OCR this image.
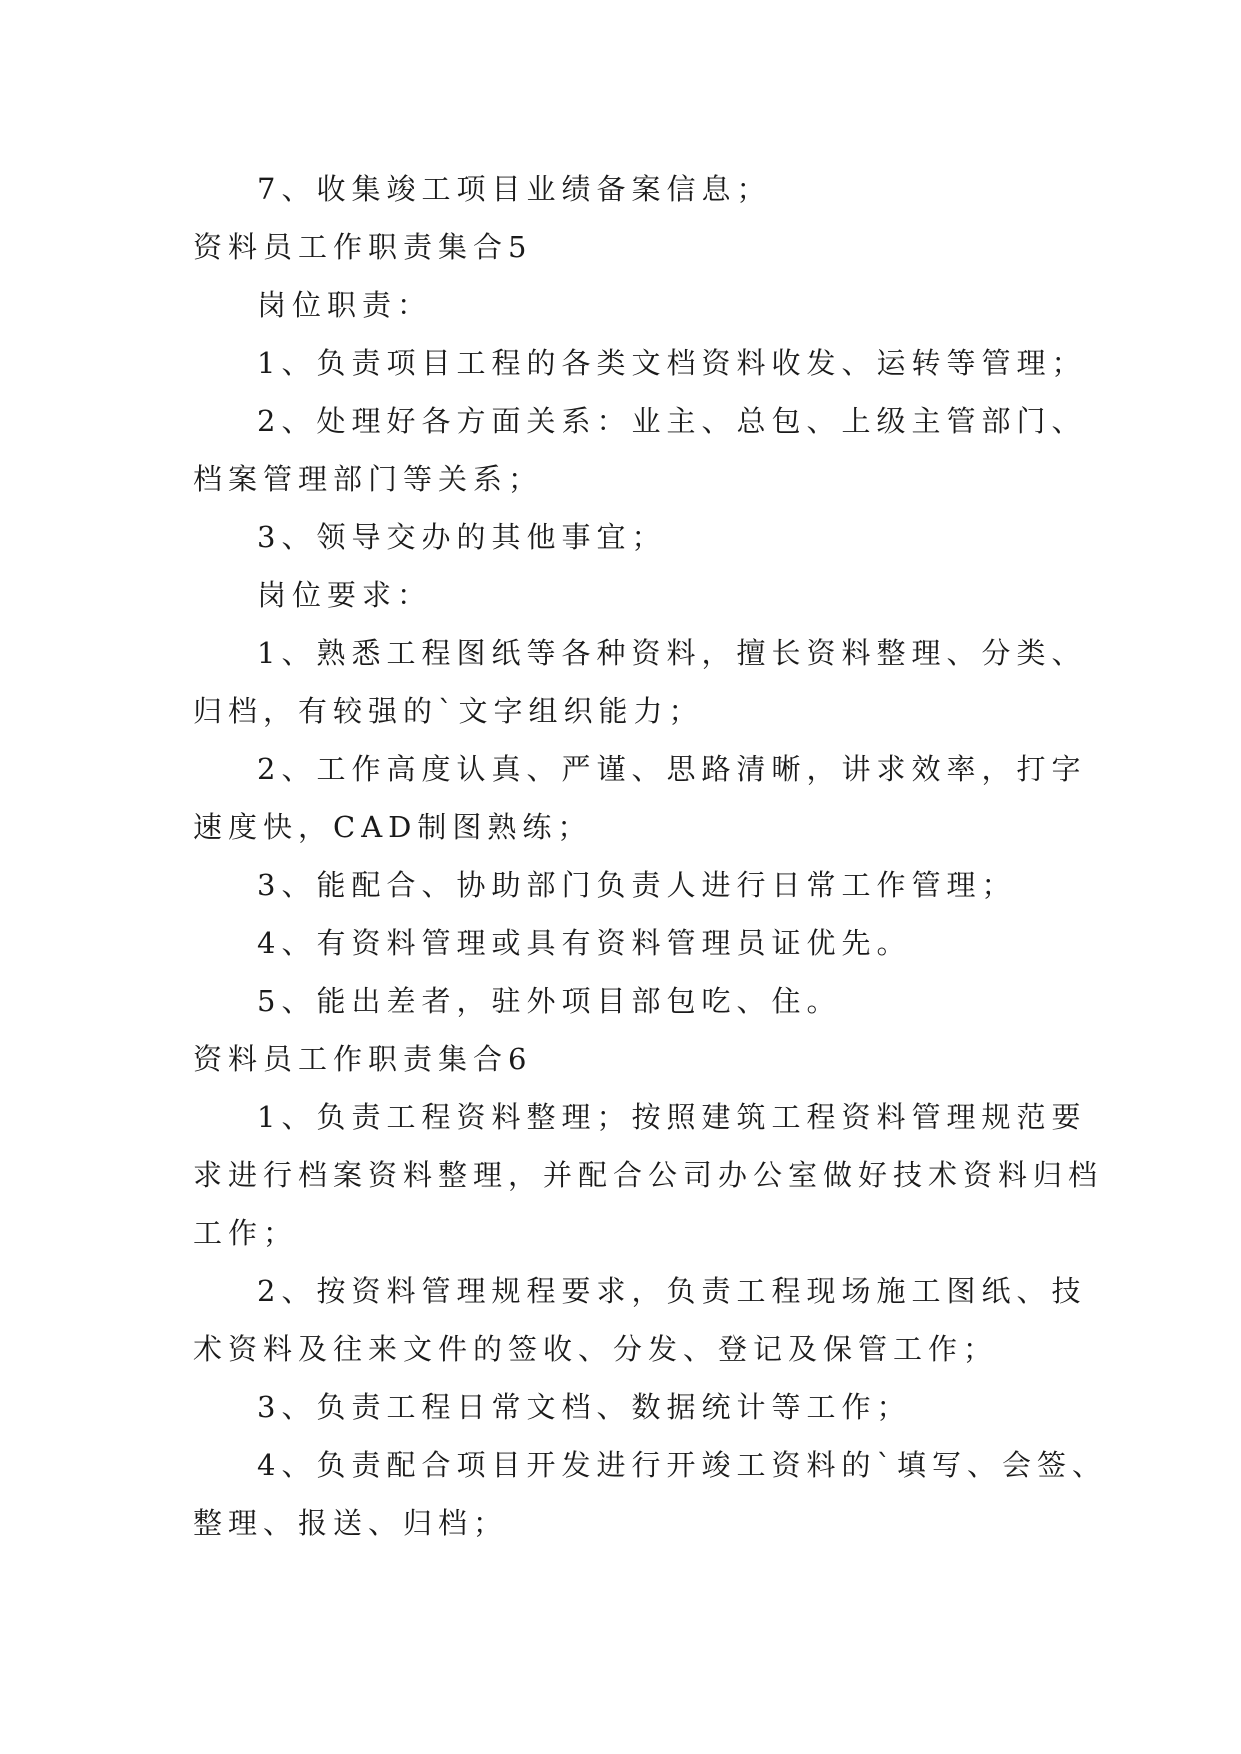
7、收集竣工项目业绩备案信息；
资料员工作职责集合5
岗位职责：
1、负责项目工程的各类文档资料收发、运转等管理；
2、处理好各方面关系：业主、总包、上级主管部门、
档案管理部门等关系；
3、领导交办的其他事宜；
岗位要求：
1、熟悉工程图纸等各种资料，擅长资料整理、分类、
归档，有较强的`文字组织能力；
2、工作高度认真、严谨、思路清晰，讲求效率，打字
速度快，CAD制图熟练；
3、能配合、协助部门负责人进行日常工作管理；
4、有资料管理或具有资料管理员证优先。
5、能出差者，驻外项目部包吃、住。
资料员工作职责集合6
1、负责工程资料整理；按照建筑工程资料管理规范要
求进行档案资料整理，并配合公司办公室做好技术资料归档
工作；
2、按资料管理规程要求，负责工程现场施工图纸、技
术资料及往来文件的签收、分发、登记及保管工作；
3、负责工程日常文档、数据统计等工作；
4、负责配合项目开发进行开竣工资料的`填写、会签、
整理、报送、归档；
